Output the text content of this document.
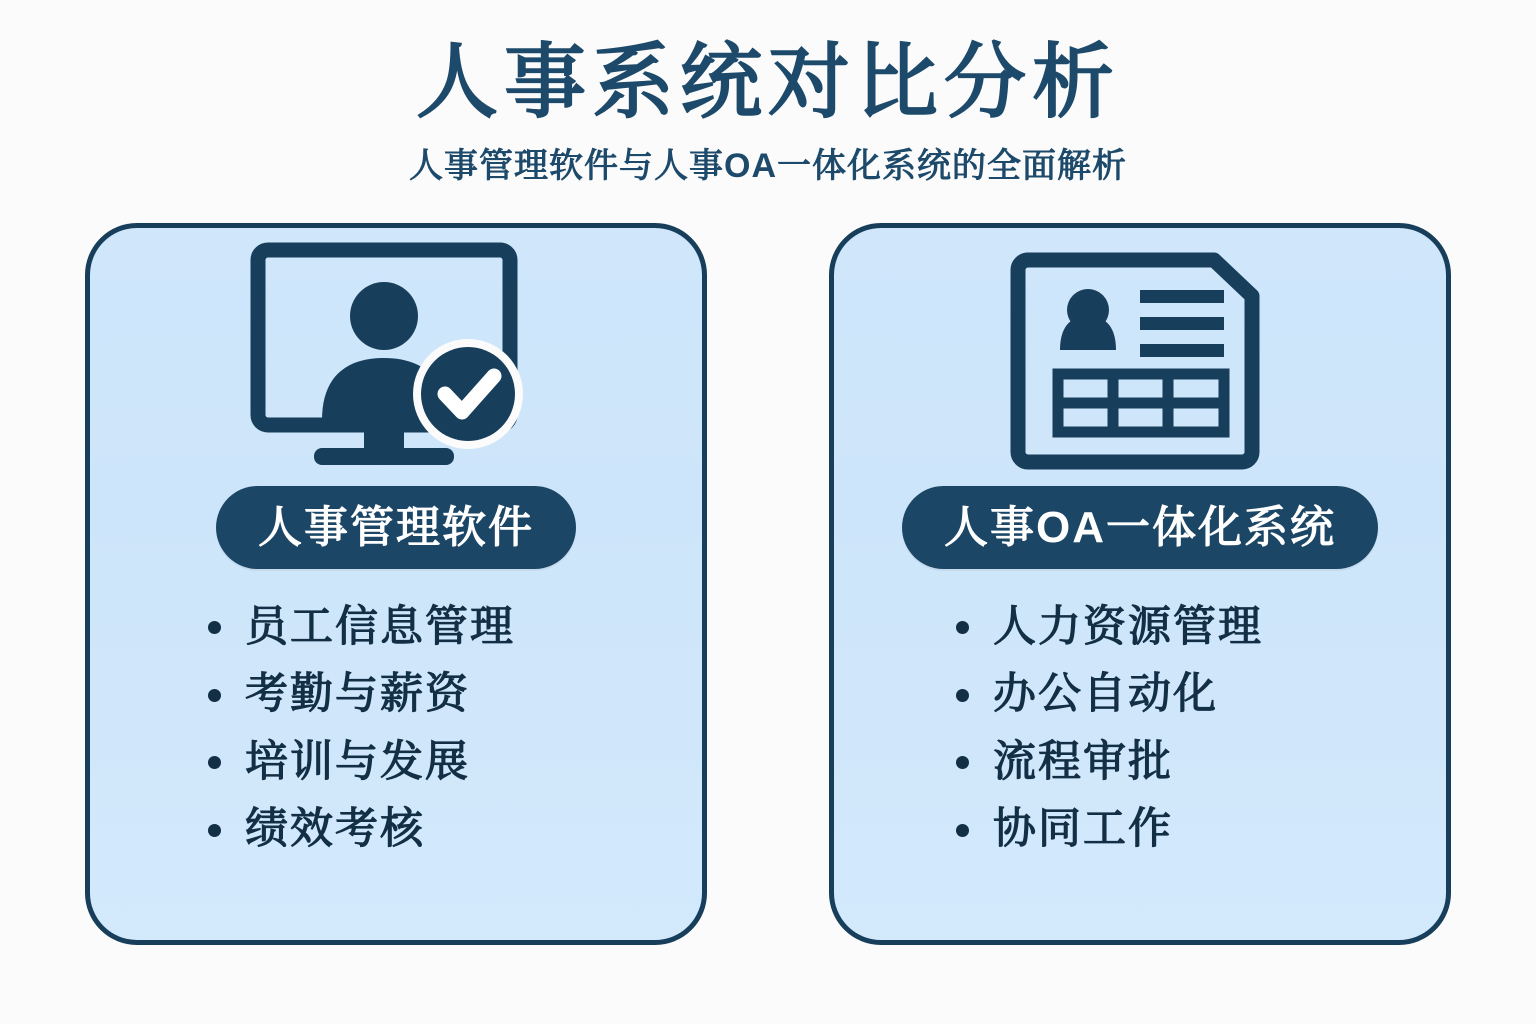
人事系统对比分析

人事管理软件与人事OA一体化系统的全面解析

人事管理软件
员工信息管理
考勤与薪资
培训与发展
绩效考核
人事OA一体化系统
人力资源管理
办公自动化
流程审批
协同工作
